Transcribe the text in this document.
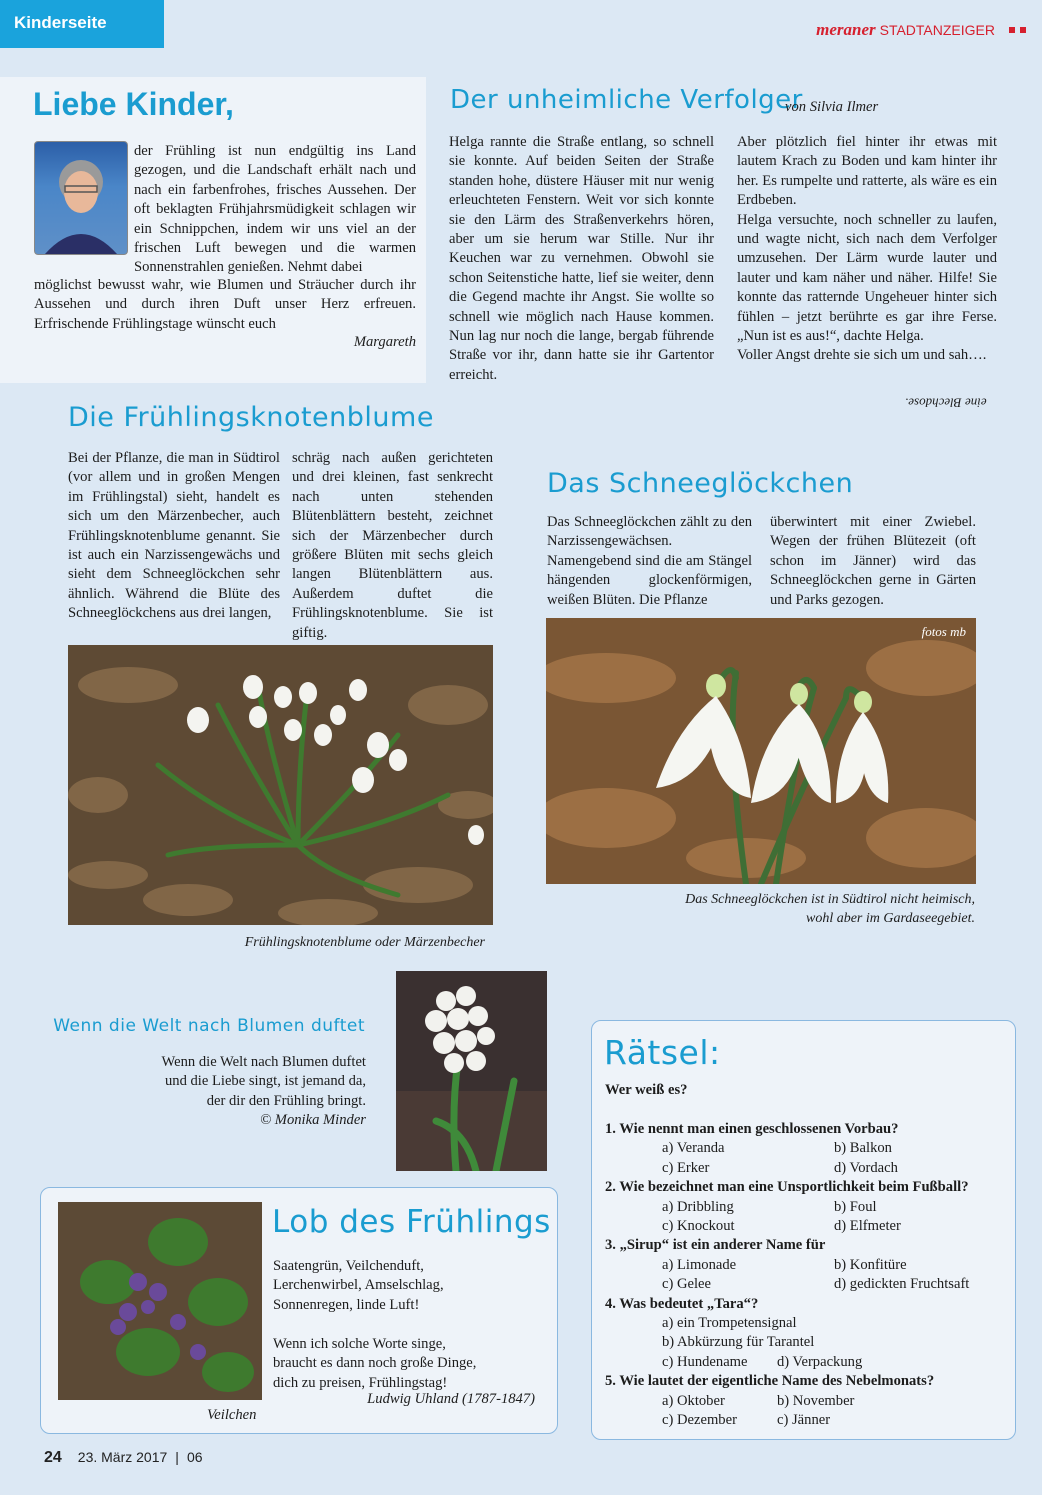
Kinderseite	meraner STADTANZEIGER
Liebe Kinder,
der Frühling ist nun endgültig ins Land gezogen, und die Landschaft erhält nach und nach ein farbenfrohes, frisches Aussehen. Der oft beklagten Frühjahrsmüdigkeit schlagen wir ein Schnippchen, indem wir uns viel an der frischen Luft bewegen und die warmen Sonnenstrahlen genießen. Nehmt dabei
möglichst bewusst wahr, wie Blumen und Sträucher durch ihr Aussehen und durch ihren Duft unser Herz erfreuen. Erfrischende Frühlingstage wünscht euch
Margareth
Der unheimliche Verfolger
von Silvia Ilmer
Helga rannte die Straße entlang, so schnell sie konnte. Auf beiden Seiten der Straße standen hohe, düstere Häuser mit nur wenig erleuchteten Fenstern. Weit vor sich konnte sie den Lärm des Straßenverkehrs hören, aber um sie herum war Stille. Nur ihr Keuchen war zu vernehmen. Obwohl sie schon Seitenstiche hatte, lief sie weiter, denn die Gegend machte ihr Angst. Sie wollte so schnell wie möglich nach Hause kommen. Nun lag nur noch die lange, bergab führende Straße vor ihr, dann hatte sie ihr Gartentor erreicht.

Aber plötzlich fiel hinter ihr etwas mit lautem Krach zu Boden und kam hinter ihr her. Es rumpelte und ratterte, als wäre es ein Erdbeben.

Helga versuchte, noch schneller zu laufen, und wagte nicht, sich nach dem Verfolger umzusehen. Der Lärm wurde lauter und lauter und kam näher und näher. Hilfe! Sie konnte das ratternde Ungeheuer hinter sich fühlen – jetzt berührte es gar ihre Ferse. „Nun ist es aus!“, dachte Helga.

Voller Angst drehte sie sich um und sah….

eine Blechdose.
Die Frühlingsknotenblume
Bei der Pflanze, die man in Südtirol (vor allem und in großen Mengen im Frühlingstal) sieht, handelt es sich um den Märzenbecher, auch Frühlingsknotenblume genannt. Sie ist auch ein Narzissengewächs und sieht dem Schneeglöckchen sehr ähnlich. Während die Blüte des Schneeglöckchens aus drei langen,
schräg nach außen gerichteten und drei kleinen, fast senkrecht nach unten stehenden Blütenblättern besteht, zeichnet sich der Märzenbecher durch größere Blüten mit sechs gleich langen Blütenblättern aus. Außerdem duftet die Frühlingsknotenblume. Sie ist giftig.
Frühlingsknotenblume oder Märzenbecher
Das Schneeglöckchen
Das Schneeglöckchen zählt zu den Narzissengewächsen. Namengebend sind die am Stängel hängenden glockenförmigen, weißen Blüten. Die Pflanze
überwintert mit einer Zwiebel. Wegen der frühen Blütezeit (oft schon im Jänner) wird das Schneeglöckchen gerne in Gärten und Parks gezogen.
fotos mb
Das Schneeglöckchen ist in Südtirol nicht heimisch,
wohl aber im Gardaseegebiet.
Wenn die Welt nach Blumen duftet
Wenn die Welt nach Blumen duftet
und die Liebe singt, ist jemand da,
der dir den Frühling bringt.
© Monika Minder
Veilchen
Lob des Frühlings
Saatengrün, Veilchenduft,
Lerchenwirbel, Amselschlag,
Sonnenregen, linde Luft!
Wenn ich solche Worte singe,
braucht es dann noch große Dinge,
dich zu preisen, Frühlingstag!
Ludwig Uhland (1787-1847)
Rätsel:
Wer weiß es?
1. Wie nennt man einen geschlossenen Vorbau?
a) Veranda	b) Balkon
c) Erker	d) Vordach
2. Wie bezeichnet man eine Unsportlichkeit beim Fußball?
a) Dribbling	b) Foul
c) Knockout	d) Elfmeter
3. „Sirup“ ist ein anderer Name für
a) Limonade	b) Konfitüre
c) Gelee	d) gedickten Fruchtsaft
4. Was bedeutet „Tara“?
a) ein Trompetensignal
b) Abkürzung für Tarantel
c) Hundename	d) Verpackung
5. Wie lautet der eigentliche Name des Nebelmonats?
a) Oktober	b) November
c) Dezember	c) Jänner
24 23. März 2017 | 06
